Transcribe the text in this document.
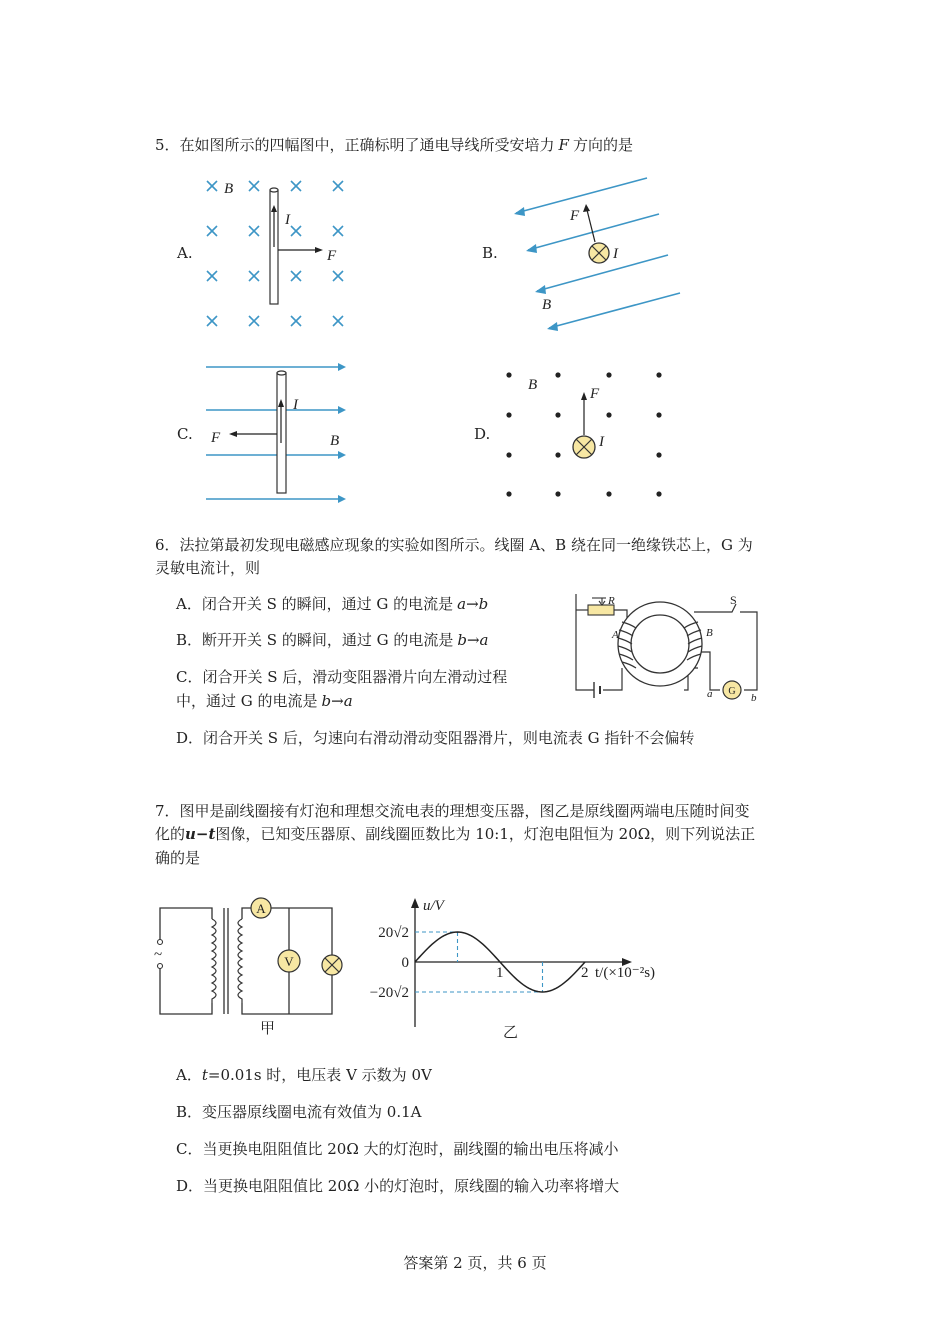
5．在如图所示的四幅图中，正确标明了通电导线所受安培力 F 方向的是
A.
B
I
F	B.	I
F
B
C.
I
F	B	D.
B
I
F
6．法拉第最初发现电磁感应现象的实验如图所示。线圈 A、B 绕在同一绝缘铁芯上，G 为
灵敏电流计，则
A．闭合开关 S 的瞬间，通过 G 的电流是 a→b
B．断开开关 S 的瞬间，通过 G 的电流是 b→a
C．闭合开关 S 后，滑动变阻器滑片向左滑动过程
中，通过 G 的电流是 b→a
D．闭合开关 S 后，匀速向右滑动滑动变阻器滑片，则电流表 G 指针不会偏转
R
A	B
S
G
a	b
7．图甲是副线圈接有灯泡和理想交流电表的理想变压器，图乙是原线圈两端电压随时间变
化的u−t图像，已知变压器原、副线圈匝数比为 10:1，灯泡电阻恒为 20Ω，则下列说法正
确的是
~
A
V
甲
u/V
20√2
0
−20√2
1	2 t/(×10⁻²s)
乙
A．t=0.01s 时，电压表 V 示数为 0V
B．变压器原线圈电流有效值为 0.1A
C．当更换电阻阻值比 20Ω 大的灯泡时，副线圈的输出电压将减小
D．当更换电阻阻值比 20Ω 小的灯泡时，原线圈的输入功率将增大
答案第 2 页，共 6 页
